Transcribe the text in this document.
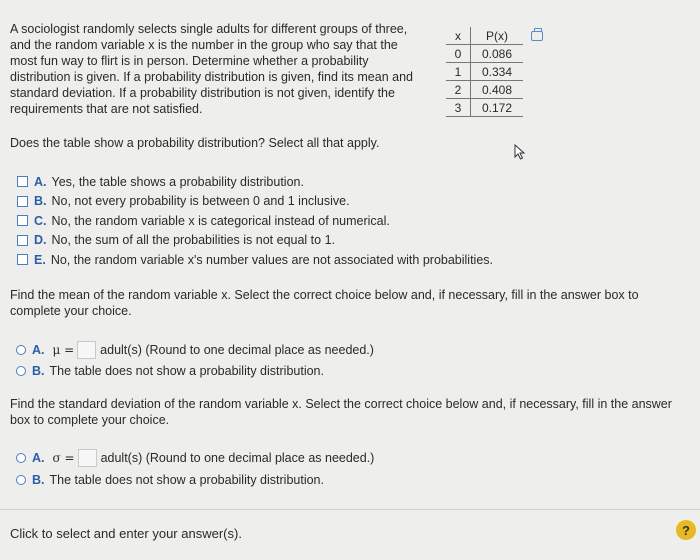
A sociologist randomly selects single adults for different groups of three,
and the random variable x is the number in the group who say that the
most fun way to flirt is in person. Determine whether a probability
distribution is given. If a probability distribution is given, find its mean and
standard deviation. If a probability distribution is not given, identify the
requirements that are not satisfied.
x	P(x)
0	0.086
1	0.334
2	0.408
3	0.172
Does the table show a probability distribution? Select all that apply.
A. Yes, the table shows a probability distribution.
B. No, not every probability is between 0 and 1 inclusive.
C. No, the random variable x is categorical instead of numerical.
D. No, the sum of all the probabilities is not equal to 1.
E. No, the random variable x's number values are not associated with probabilities.
Find the mean of the random variable x. Select the correct choice below and, if necessary, fill in the answer box to
complete your choice.
A. μ = adult(s) (Round to one decimal place as needed.)
B. The table does not show a probability distribution.
Find the standard deviation of the random variable x. Select the correct choice below and, if necessary, fill in the answer
box to complete your choice.
A. σ = adult(s) (Round to one decimal place as needed.)
B. The table does not show a probability distribution.
Click to select and enter your answer(s).	?
